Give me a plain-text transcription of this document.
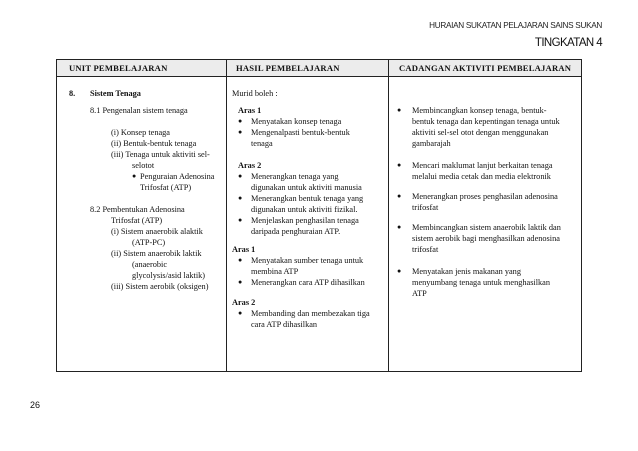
HURAIAN SUKATAN PELAJARAN SAINS SUKAN
TINGKATAN 4
UNIT PEMBELAJARAN	HASIL PEMBELAJARAN	CADANGAN AKTIVITI PEMBELAJARAN
8. Sistem Tenaga
8.1 Pengenalan sistem tenaga
(i) Konsep tenaga
(ii) Bentuk-bentuk tenaga
(iii) Tenaga untuk aktiviti sel-
selotot
● Penguraian Adenosina
Trifosfat (ATP)
8.2 Pembentukan Adenosina
Trifosfat (ATP)
(i) Sistem anaerobik alaktik
(ATP-PC)
(ii) Sistem anaerobik laktik
(anaerobic
glycolysis/asid laktik)
(iii) Sistem aerobik (oksigen)
Murid boleh :
Aras 1
● Menyatakan konsep tenaga
● Mengenalpasti bentuk-bentuk
tenaga
Aras 2
● Menerangkan tenaga yang
digunakan untuk aktiviti manusia
● Menerangkan bentuk tenaga yang
digunakan untuk aktiviti fizikal.
● Menjelaskan penghasilan tenaga
daripada penghuraian ATP.
Aras 1
● Menyatakan sumber tenaga untuk
membina ATP
● Menerangkan cara ATP dihasilkan
Aras 2
● Membanding dan membezakan tiga
cara ATP dihasilkan
● Membincangkan konsep tenaga, bentuk-
bentuk tenaga dan kepentingan tenaga untuk
aktiviti sel-sel otot dengan menggunakan
gambarajah
● Mencari maklumat lanjut berkaitan tenaga
melalui media cetak dan media elektronik
● Menerangkan proses penghasilan adenosina
trifosfat
● Membincangkan sistem anaerobik laktik dan
sistem aerobik bagi menghasilkan adenosina
trifosfat
● Menyatakan jenis makanan yang
menyumbang tenaga untuk menghasilkan
ATP
26
